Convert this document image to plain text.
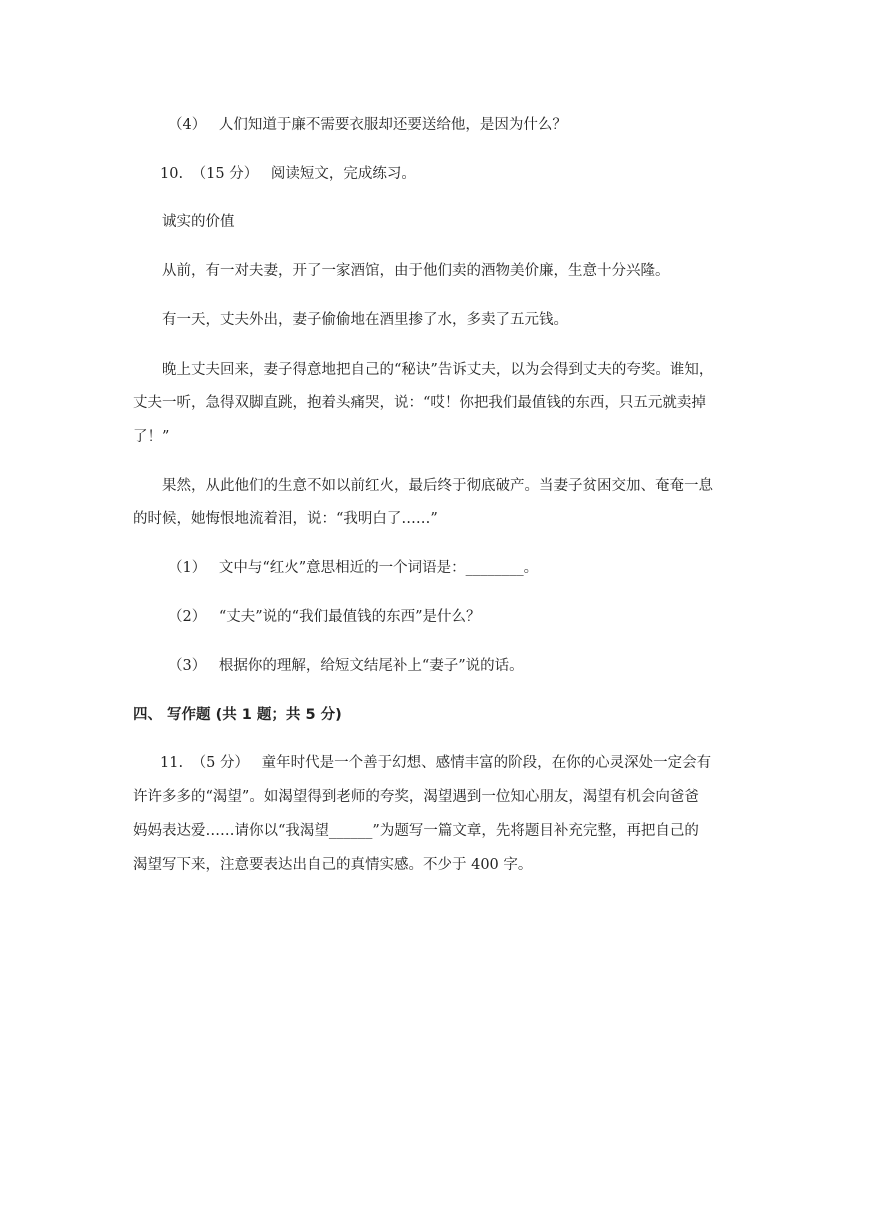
（4） 人们知道于廉不需要衣服却还要送给他，是因为什么？
10. （15 分） 阅读短文，完成练习。
诚实的价值
从前，有一对夫妻，开了一家酒馆，由于他们卖的酒物美价廉，生意十分兴隆。
有一天，丈夫外出，妻子偷偷地在酒里掺了水，多卖了五元钱。
晚上丈夫回来，妻子得意地把自己的“秘诀”告诉丈夫，以为会得到丈夫的夸奖。谁知，
丈夫一听，急得双脚直跳，抱着头痛哭，说：“哎！你把我们最值钱的东西，只五元就卖掉
了！”
果然，从此他们的生意不如以前红火，最后终于彻底破产。当妻子贫困交加、奄奄一息
的时候，她悔恨地流着泪，说：“我明白了……”
（1） 文中与“红火”意思相近的一个词语是：________。
（2） “丈夫”说的“我们最值钱的东西”是什么？
（3） 根据你的理解，给短文结尾补上“妻子”说的话。
四、 写作题 (共 1 题；共 5 分)
11. （5 分） 童年时代是一个善于幻想、感情丰富的阶段，在你的心灵深处一定会有
许许多多的“渴望”。如渴望得到老师的夸奖，渴望遇到一位知心朋友，渴望有机会向爸爸
妈妈表达爱……请你以“我渴望______”为题写一篇文章，先将题目补充完整，再把自己的
渴望写下来，注意要表达出自己的真情实感。不少于 400 字。
